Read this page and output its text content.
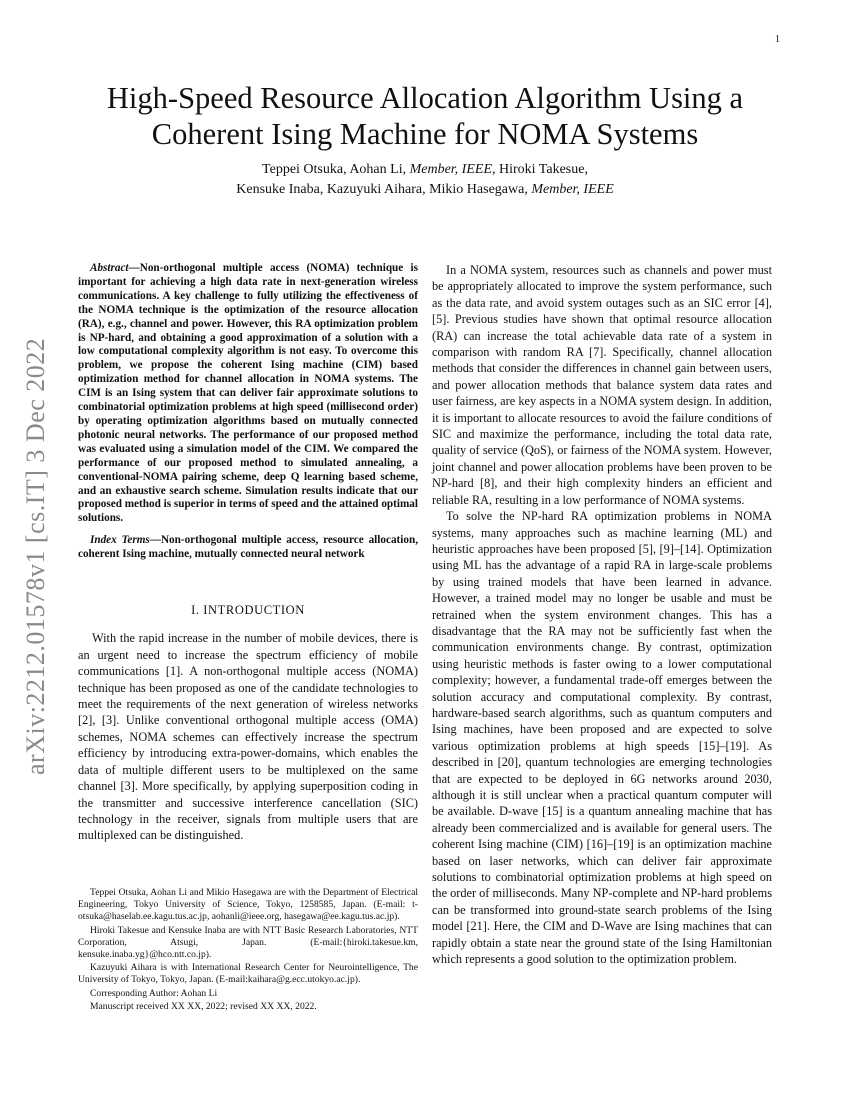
1
arXiv:2212.01578v1 [cs.IT] 3 Dec 2022
High-Speed Resource Allocation Algorithm Using a Coherent Ising Machine for NOMA Systems
Teppei Otsuka, Aohan Li, Member, IEEE, Hiroki Takesue,
Kensuke Inaba, Kazuyuki Aihara, Mikio Hasegawa, Member, IEEE

Abstract—Non-orthogonal multiple access (NOMA) technique is important for achieving a high data rate in next-generation wireless communications. A key challenge to fully utilizing the effectiveness of the NOMA technique is the optimization of the resource allocation (RA), e.g., channel and power. However, this RA optimization problem is NP-hard, and obtaining a good approximation of a solution with a low computational complexity algorithm is not easy. To overcome this problem, we propose the coherent Ising machine (CIM) based optimization method for channel allocation in NOMA systems. The CIM is an Ising system that can deliver fair approximate solutions to combinatorial optimization problems at high speed (millisecond order) by operating optimization algorithms based on mutually connected photonic neural networks. The performance of our proposed method was evaluated using a simulation model of the CIM. We compared the performance of our proposed method to simulated annealing, a conventional-NOMA pairing scheme, deep Q learning based scheme, and an exhaustive search scheme. Simulation results indicate that our proposed method is superior in terms of speed and the attained optimal solutions.

Index Terms—Non-orthogonal multiple access, resource allocation, coherent Ising machine, mutually connected neural network

I. INTRODUCTION

With the rapid increase in the number of mobile devices, there is an urgent need to increase the spectrum efficiency of mobile communications [1]. A non-orthogonal multiple access (NOMA) technique has been proposed as one of the candidate technologies to meet the requirements of the next generation of wireless networks [2], [3]. Unlike conventional orthogonal multiple access (OMA) schemes, NOMA schemes can effectively increase the spectrum efficiency by introducing extra-power-domains, which enables the data of multiple different users to be multiplexed on the same channel [3]. More specifically, by applying superposition coding in the transmitter and successive interference cancellation (SIC) technology in the receiver, signals from multiple users that are multiplexed can be distinguished.

Teppei Otsuka, Aohan Li and Mikio Hasegawa are with the Department of Electrical Engineering, Tokyo University of Science, Tokyo, 1258585, Japan. (E-mail: t-otsuka@haselab.ee.kagu.tus.ac.jp, aohanli@ieee.org, hasegawa@ee.kagu.tus.ac.jp).

Hiroki Takesue and Kensuke Inaba are with NTT Basic Research Laboratories, NTT Corporation, Atsugi, Japan. (E-mail:{hiroki.takesue.km, kensuke.inaba.yg}@hco.ntt.co.jp).

Kazuyuki Aihara is with International Research Center for Neurointelligence, The University of Tokyo, Tokyo, Japan. (E-mail:kaihara@g.ecc.utokyo.ac.jp).

Corresponding Author: Aohan Li

Manuscript received XX XX, 2022; revised XX XX, 2022.

In a NOMA system, resources such as channels and power must be appropriately allocated to improve the system performance, such as the data rate, and avoid system outages such as an SIC error [4], [5]. Previous studies have shown that optimal resource allocation (RA) can increase the total achievable data rate of a system in comparison with random RA [7]. Specifically, channel allocation methods that consider the differences in channel gain between users, and power allocation methods that balance system data rates and user fairness, are key aspects in a NOMA system design. In addition, it is important to allocate resources to avoid the failure conditions of SIC and maximize the performance, including the total data rate, quality of service (QoS), or fairness of the NOMA system. However, joint channel and power allocation problems have been proven to be NP-hard [8], and their high complexity hinders an efficient and reliable RA, resulting in a low performance of NOMA systems.

To solve the NP-hard RA optimization problems in NOMA systems, many approaches such as machine learning (ML) and heuristic approaches have been proposed [5], [9]–[14]. Optimization using ML has the advantage of a rapid RA in large-scale problems by using trained models that have been learned in advance. However, a trained model may no longer be usable and must be retrained when the system environment changes. This has a disadvantage that the RA may not be sufficiently fast when the communication environments change. By contrast, optimization using heuristic methods is faster owing to a lower computational complexity; however, a fundamental trade-off emerges between the solution accuracy and computational complexity. By contrast, hardware-based search algorithms, such as quantum computers and Ising machines, have been proposed and are expected to solve various optimization problems at high speeds [15]–[19]. As described in [20], quantum technologies are emerging technologies that are expected to be deployed in 6G networks around 2030, although it is still unclear when a practical quantum computer will be available. D-wave [15] is a quantum annealing machine that has already been commercialized and is available for general users. The coherent Ising machine (CIM) [16]–[19] is an optimization machine based on laser networks, which can deliver fair approximate solutions to combinatorial optimization problems at high speed on the order of milliseconds. Many NP-complete and NP-hard problems can be transformed into ground-state search problems of the Ising model [21]. Here, the CIM and D-Wave are Ising machines that can rapidly obtain a state near the ground state of the Ising Hamiltonian which represents a good solution to the optimization problem.
